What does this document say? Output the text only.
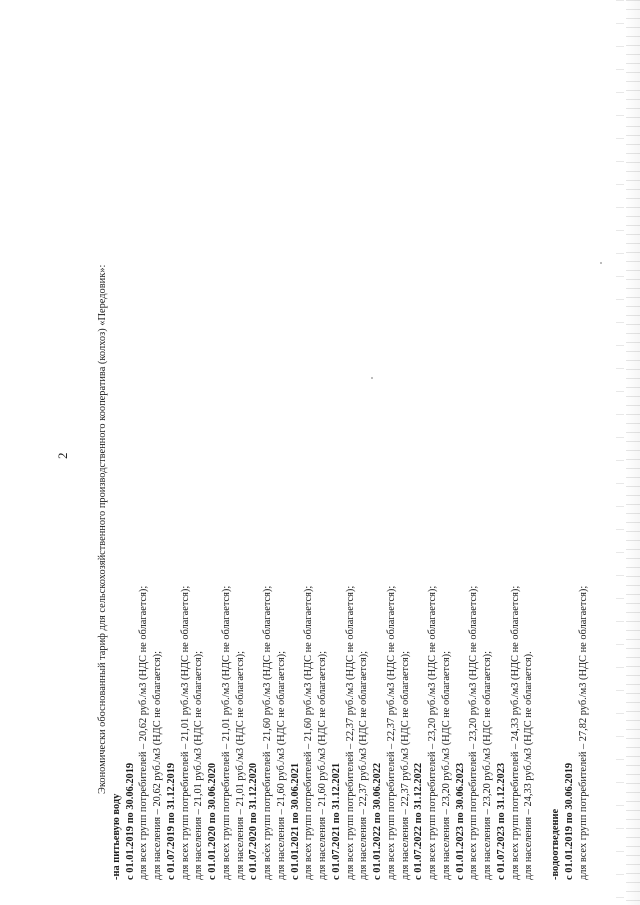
2	Экономически обоснованный тариф для сельскохозяйственного производственного кооператива (колхоз) «Передовик»:
-на питьевую воду с 01.01.2019 по 30.06.2019 для всех групп потребителей – 20,62 руб./м3 (НДС не облагается); для населения – 20,62 руб./м3 (НДС не облагается); с 01.07.2019 по 31.12.2019 для всех групп потребителей – 21,01 руб./м3 (НДС не облагается); для населения – 21,01 руб./м3 (НДС не облагается); с 01.01.2020 по 30.06.2020 для всех групп потребителей – 21,01 руб./м3 (НДС не облагается); для населения – 21,01 руб./м3 (НДС не облагается); с 01.07.2020 по 31.12.2020 для всех групп потребителей – 21,60 руб./м3 (НДС не облагается); для населения – 21,60 руб./м3 (НДС не облагается); с 01.01.2021 по 30.06.2021 для всех групп потребителей – 21,60 руб./м3 (НДС не облагается); для населения – 21,60 руб./м3 (НДС не облагается); с 01.07.2021 по 31.12.2021 для всех групп потребителей – 22,37 руб./м3 (НДС не облагается); для населения – 22,37 руб./м3 (НДС не облагается); с 01.01.2022 по 30.06.2022 для всех групп потребителей – 22,37 руб./м3 (НДС не облагается); для населения – 22,37 руб./м3 (НДС не облагается); с 01.07.2022 по 31.12.2022 для всех групп потребителей – 23,20 руб./м3 (НДС не облагается); для населения – 23,20 руб./м3 (НДС не облагается); с 01.01.2023 по 30.06.2023 для всех групп потребителей – 23,20 руб./м3 (НДС не облагается); для населения – 23,20 руб./м3 (НДС не облагается); с 01.07.2023 по 31.12.2023 для всех групп потребителей – 24,33 руб./м3 (НДС не облагается); для населения – 24,33 руб./м3 (НДС не облагается). -водоотведение с 01.01.2019 по 30.06.2019 для всех групп потребителей – 27,82 руб./м3 (НДС не облагается);
